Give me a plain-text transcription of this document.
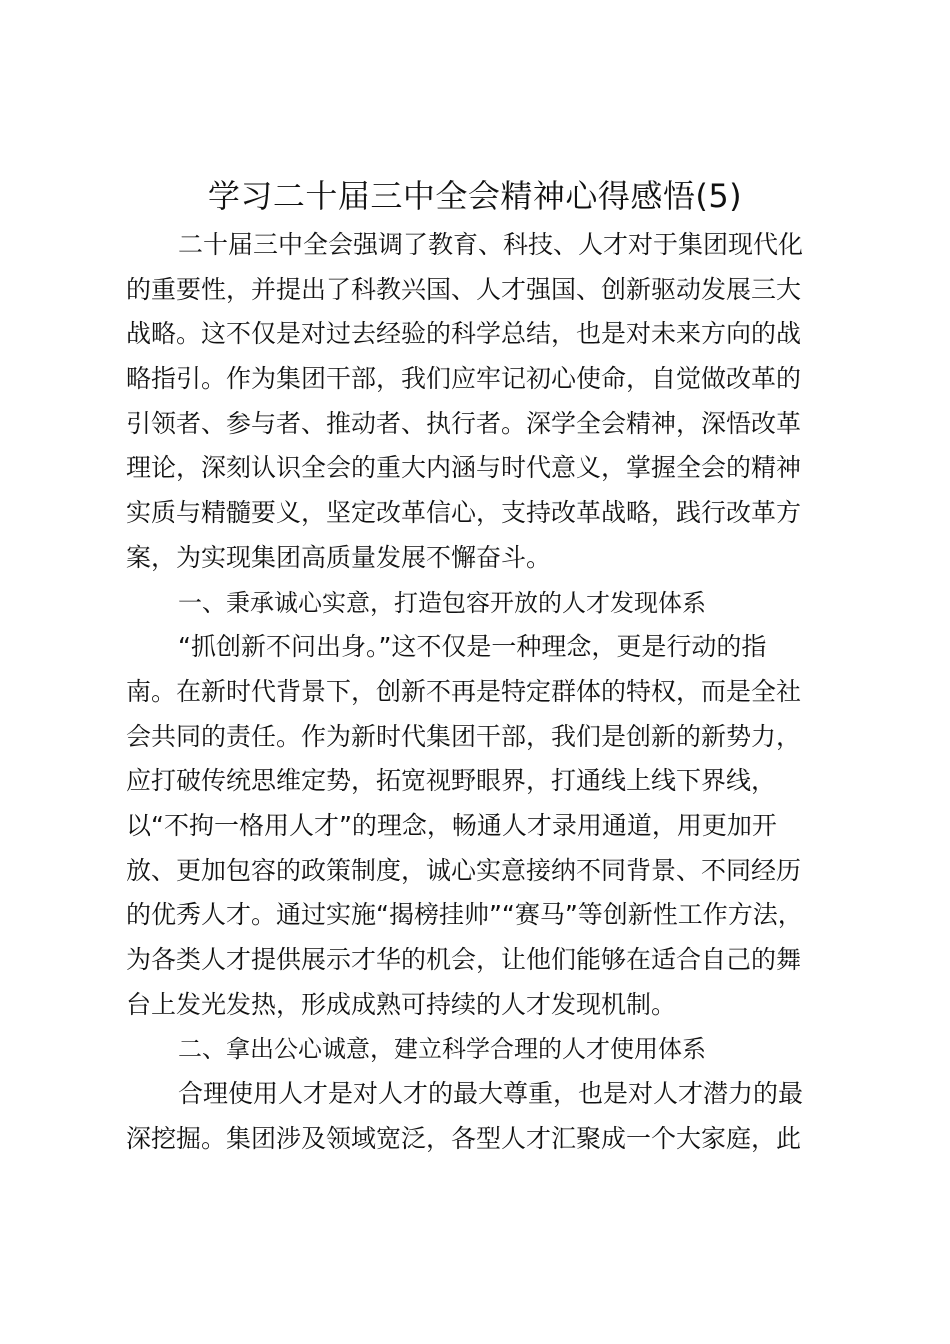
学习二十届三中全会精神心得感悟(5)
二十届三中全会强调了教育、科技、人才对于集团现代化
的重要性，并提出了科教兴国、人才强国、创新驱动发展三大
战略。这不仅是对过去经验的科学总结，也是对未来方向的战
略指引。作为集团干部，我们应牢记初心使命，自觉做改革的
引领者、参与者、推动者、执行者。深学全会精神，深悟改革
理论，深刻认识全会的重大内涵与时代意义，掌握全会的精神
实质与精髓要义，坚定改革信心，支持改革战略，践行改革方
案，为实现集团高质量发展不懈奋斗。
一、秉承诚心实意，打造包容开放的人才发现体系
“抓创新不问出身。”这不仅是一种理念，更是行动的指
南。在新时代背景下，创新不再是特定群体的特权，而是全社
会共同的责任。作为新时代集团干部，我们是创新的新势力，
应打破传统思维定势，拓宽视野眼界，打通线上线下界线，
以“不拘一格用人才”的理念，畅通人才录用通道，用更加开
放、更加包容的政策制度，诚心实意接纳不同背景、不同经历
的优秀人才。通过实施“揭榜挂帅”“赛马”等创新性工作方法，
为各类人才提供展示才华的机会，让他们能够在适合自己的舞
台上发光发热，形成成熟可持续的人才发现机制。
二、拿出公心诚意，建立科学合理的人才使用体系
合理使用人才是对人才的最大尊重，也是对人才潜力的最
深挖掘。集团涉及领域宽泛，各型人才汇聚成一个大家庭，此
